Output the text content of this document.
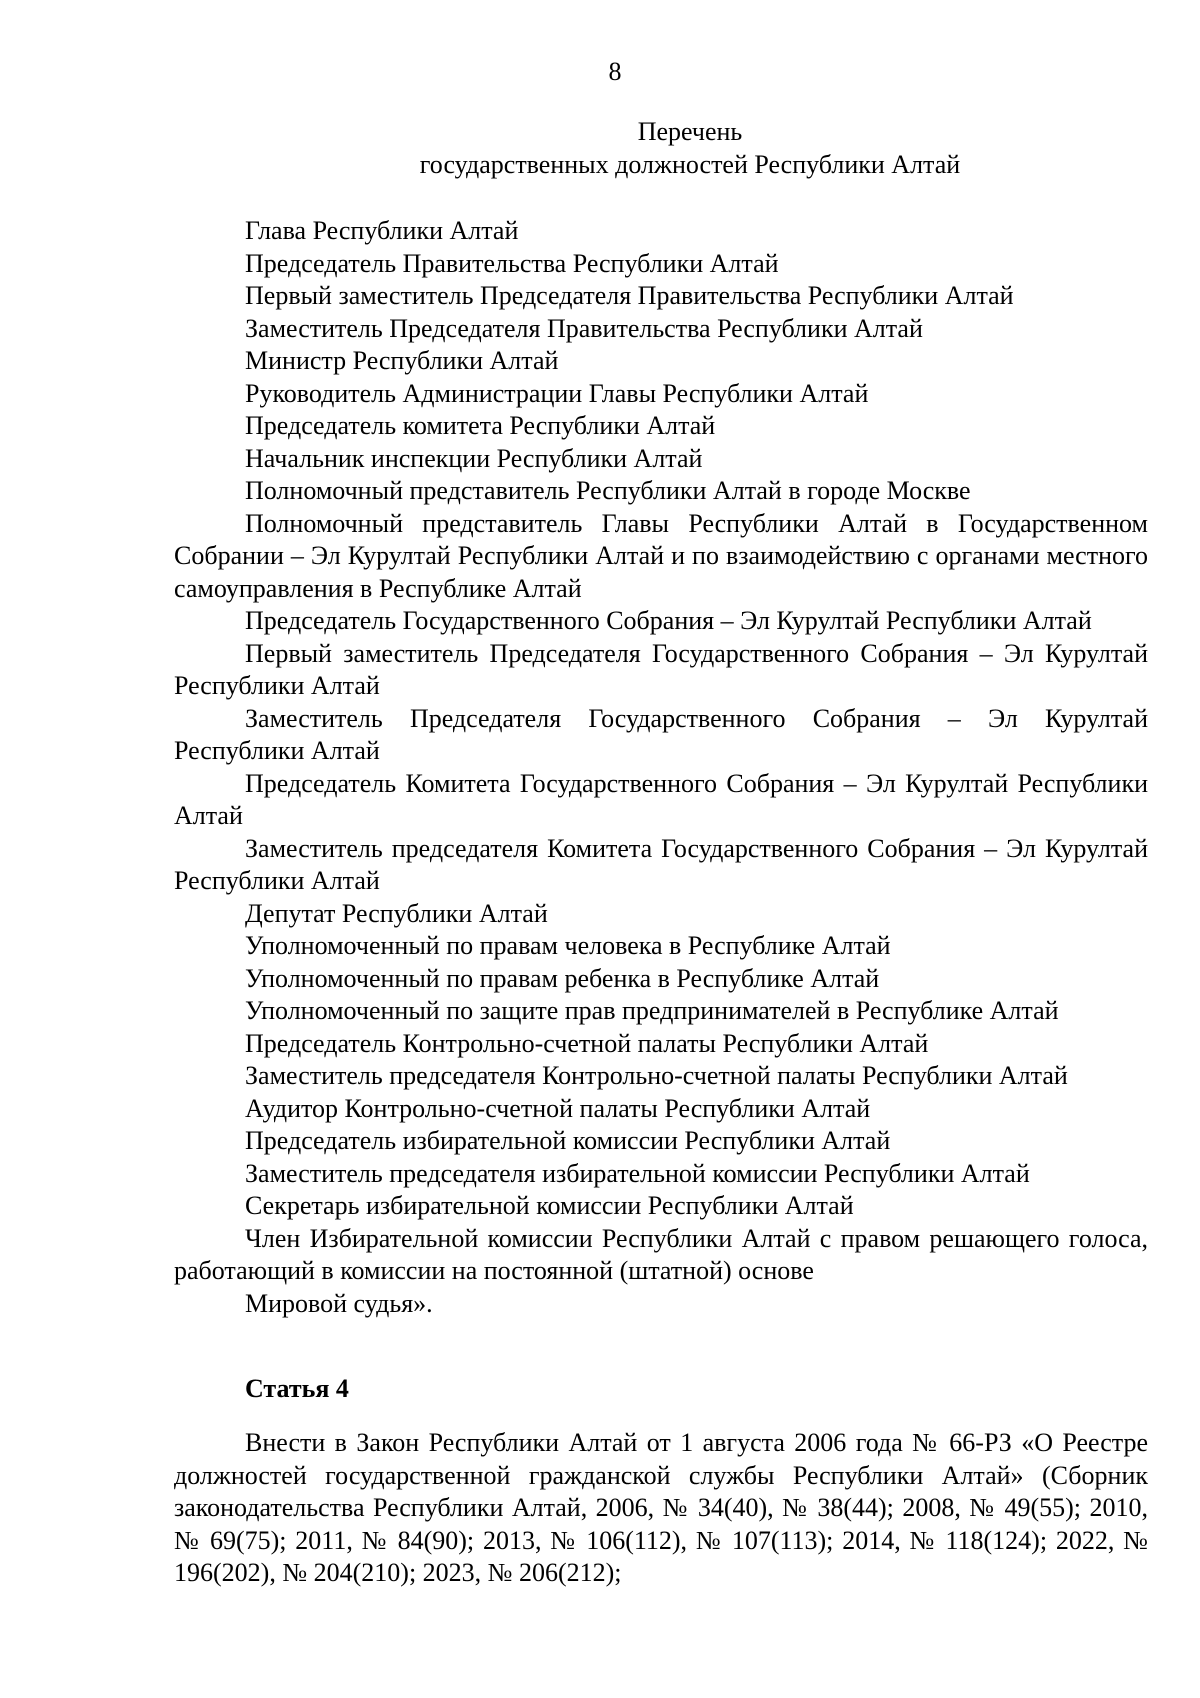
8
Перечень
государственных должностей Республики Алтай

Глава Республики Алтай

Председатель Правительства Республики Алтай

Первый заместитель Председателя Правительства Республики Алтай

Заместитель Председателя Правительства Республики Алтай

Министр Республики Алтай

Руководитель Администрации Главы Республики Алтай

Председатель комитета Республики Алтай

Начальник инспекции Республики Алтай

Полномочный представитель Республики Алтай в городе Москве

Полномочный представитель Главы Республики Алтай в Государственном Собрании – Эл Курултай Республики Алтай и по взаимодействию с органами местного самоуправления в Республике Алтай

Председатель Государственного Собрания – Эл Курултай Республики Алтай

Первый заместитель Председателя Государственного Собрания – Эл Курултай Республики Алтай

Заместитель Председателя Государственного Собрания – Эл Курултай Республики Алтай

Председатель Комитета Государственного Собрания – Эл Курултай Республики Алтай

Заместитель председателя Комитета Государственного Собрания – Эл Курултай Республики Алтай

Депутат Республики Алтай

Уполномоченный по правам человека в Республике Алтай

Уполномоченный по правам ребенка в Республике Алтай

Уполномоченный по защите прав предпринимателей в Республике Алтай

Председатель Контрольно-счетной палаты Республики Алтай

Заместитель председателя Контрольно-счетной палаты Республики Алтай

Аудитор Контрольно-счетной палаты Республики Алтай

Председатель избирательной комиссии Республики Алтай

Заместитель председателя избирательной комиссии Республики Алтай

Секретарь избирательной комиссии Республики Алтай

Член Избирательной комиссии Республики Алтай с правом решающего голоса, работающий в комиссии на постоянной (штатной) основе

Мировой судья».

Статья 4

Внести в Закон Республики Алтай от 1 августа 2006 года № 66-РЗ «О Реестре должностей государственной гражданской службы Республики Алтай» (Сборник законодательства Республики Алтай, 2006, № 34(40), № 38(44); 2008, № 49(55); 2010, № 69(75); 2011, № 84(90); 2013, № 106(112), № 107(113); 2014, № 118(124); 2022, № 196(202), № 204(210); 2023, № 206(212);
